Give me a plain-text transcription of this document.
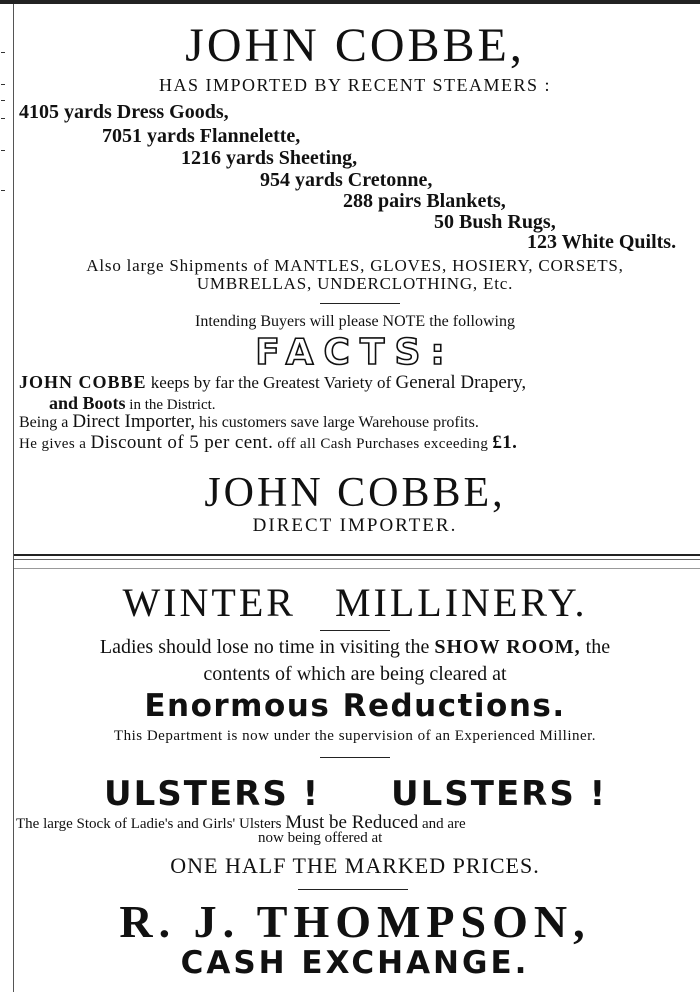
JOHN COBBE,
HAS IMPORTED BY RECENT STEAMERS :
4105 yards Dress Goods,
7051 yards Flannelette,
1216 yards Sheeting,
954 yards Cretonne,
288 pairs Blankets,
50 Bush Rugs,
123 White Quilts.
Also large Shipments of MANTLES, GLOVES, HOSIERY, CORSETS,
UMBRELLAS, UNDERCLOTHING, Etc.
Intending Buyers will please NOTE the following
FACTS:
JOHN COBBE keeps by far the Greatest Variety of General Drapery,
and Boots in the District.
Being a Direct Importer, his customers save large Warehouse profits.
He gives a Discount of 5 per cent. off all Cash Purchases exceeding £1.
JOHN COBBE,
DIRECT IMPORTER.
WINTER MILLINERY.
Ladies should lose no time in visiting the SHOW ROOM, the
contents of which are being cleared at
Enormous Reductions.
This Department is now under the supervision of an Experienced Milliner.
ULSTERS ! ULSTERS !
The large Stock of Ladie's and Girls' Ulsters Must be Reduced and are
now being offered at
ONE HALF THE MARKED PRICES.
R. J. THOMPSON,
CASH EXCHANGE.
